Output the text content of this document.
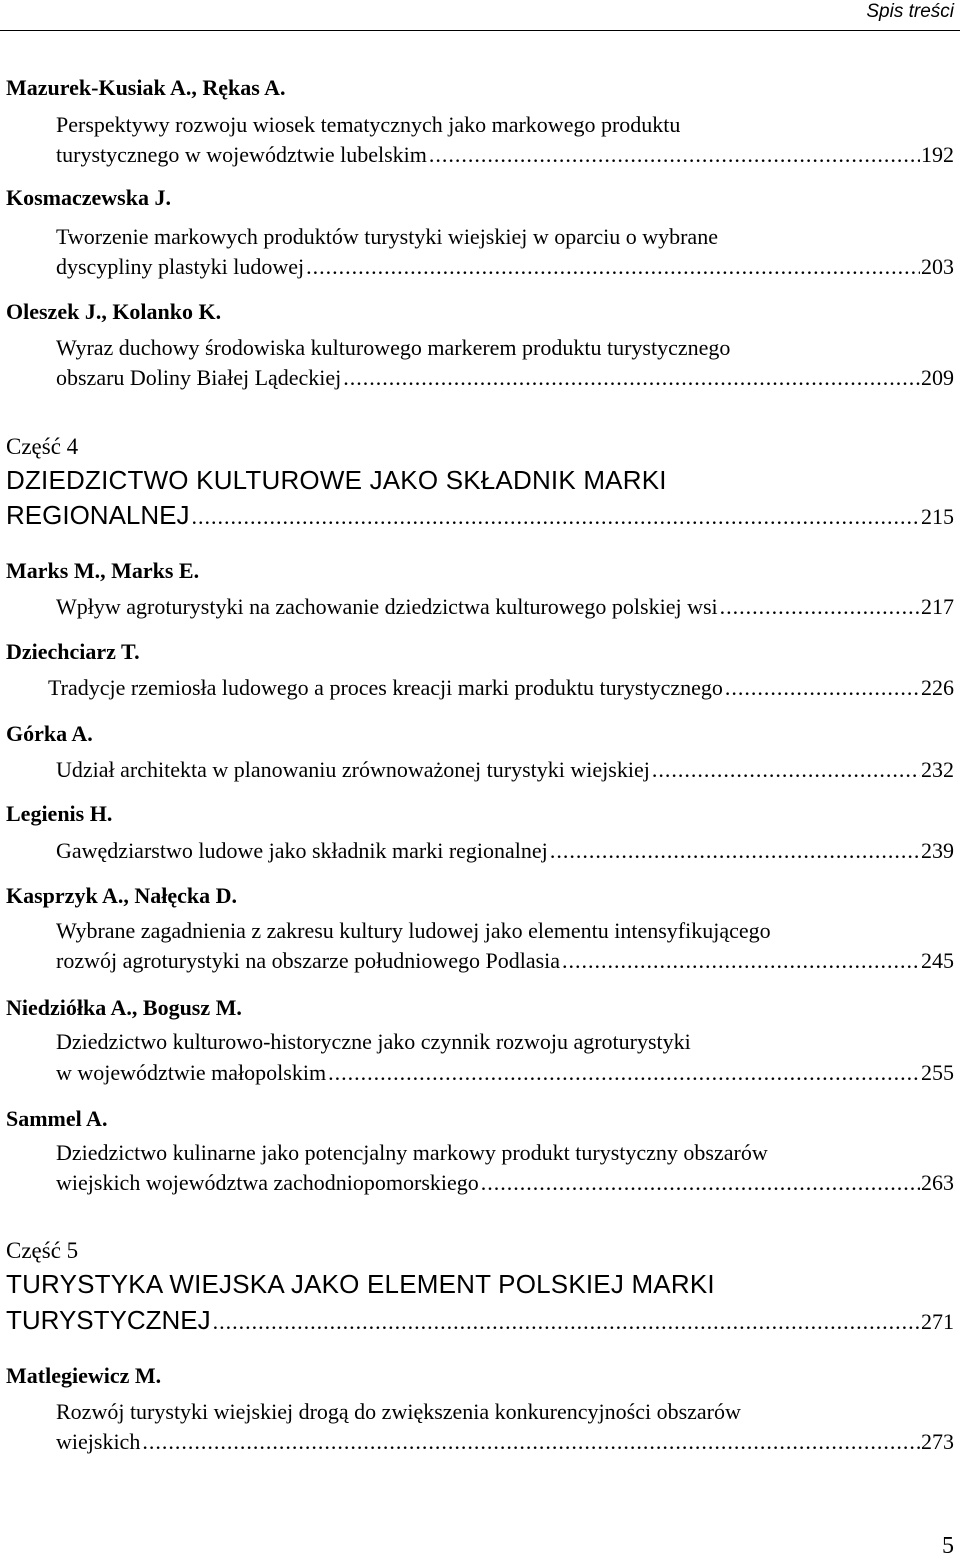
Spis treści
Mazurek-Kusiak A., Rękas A.
Perspektywy rozwoju wiosek tematycznych jako markowego produktu
turystycznego w województwie lubelskim .....	192
Kosmaczewska J.
Tworzenie markowych produktów turystyki wiejskiej w oparciu o wybrane
dyscypliny plastyki ludowej .....	203
Oleszek J., Kolanko K.
Wyraz duchowy środowiska kulturowego markerem produktu turystycznego
obszaru Doliny Białej Lądeckiej .....	209
Część 4
DZIEDZICTWO KULTUROWE JAKO SKŁADNIK MARKI
REGIONALNEJ .....	215
Marks M., Marks E.
Wpływ agroturystyki na zachowanie dziedzictwa kulturowego polskiej wsi .....	217
Dziechciarz T.
Tradycje rzemiosła ludowego a proces kreacji marki produktu turystycznego .....	226
Górka A.
Udział architekta w planowaniu zrównoważonej turystyki wiejskiej .....	232
Legienis H.
Gawędziarstwo ludowe jako składnik marki regionalnej .....	239
Kasprzyk A., Nałęcka D.
Wybrane zagadnienia z zakresu kultury ludowej jako elementu intensyfikującego
rozwój agroturystyki na obszarze południowego Podlasia .....	245
Niedziółka A., Bogusz M.
Dziedzictwo kulturowo-historyczne jako czynnik rozwoju agroturystyki
w województwie małopolskim .....	255
Sammel A.
Dziedzictwo kulinarne jako potencjalny markowy produkt turystyczny obszarów
wiejskich województwa zachodniopomorskiego .....	263
Część 5
TURYSTYKA WIEJSKA JAKO ELEMENT POLSKIEJ MARKI
TURYSTYCZNEJ .....	271
Matlegiewicz M.
Rozwój turystyki wiejskiej drogą do zwiększenia konkurencyjności obszarów
wiejskich .....	273
5
